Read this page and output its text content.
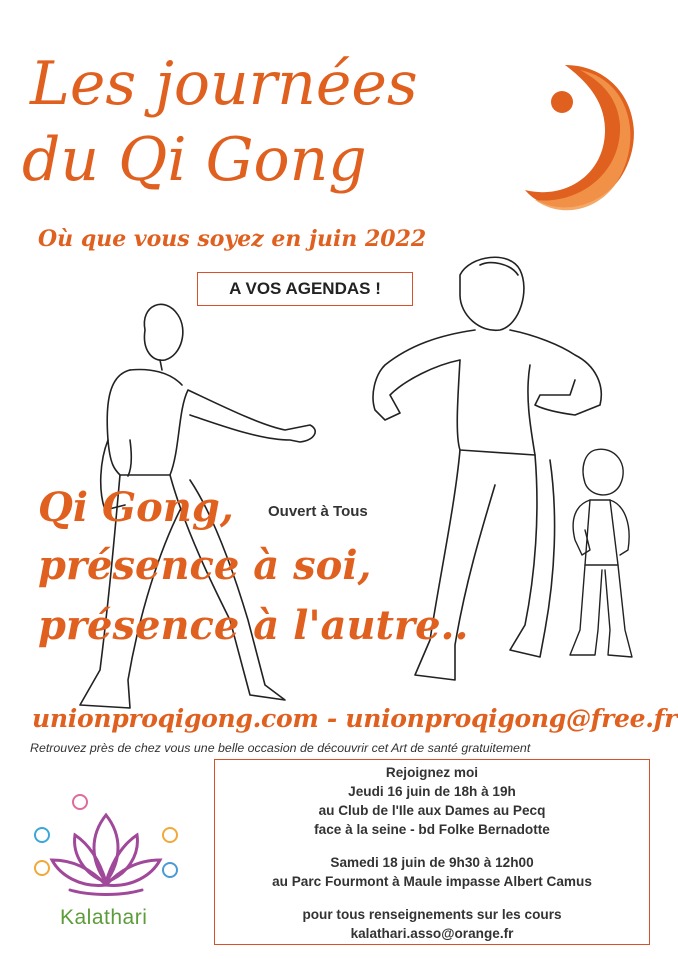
Les journées
du Qi Gong
Où que vous soyez en juin 2022
A VOS AGENDAS !
Qi Gong,
présence à soi,
présence à l'autre..
Ouvert à Tous
unionproqigong.com - unionproqigong@free.fr
Retrouvez près de chez vous une belle occasion de découvrir cet Art de santé gratuitement
Rejoignez moi
Jeudi 16 juin de 18h à 19h
au Club de l'Ile aux Dames au Pecq
face à la seine - bd Folke Bernadotte
Samedi 18 juin de 9h30 à 12h00
au Parc Fourmont à Maule impasse Albert Camus
pour tous renseignements sur les cours
kalathari.asso@orange.fr
Kalathari
